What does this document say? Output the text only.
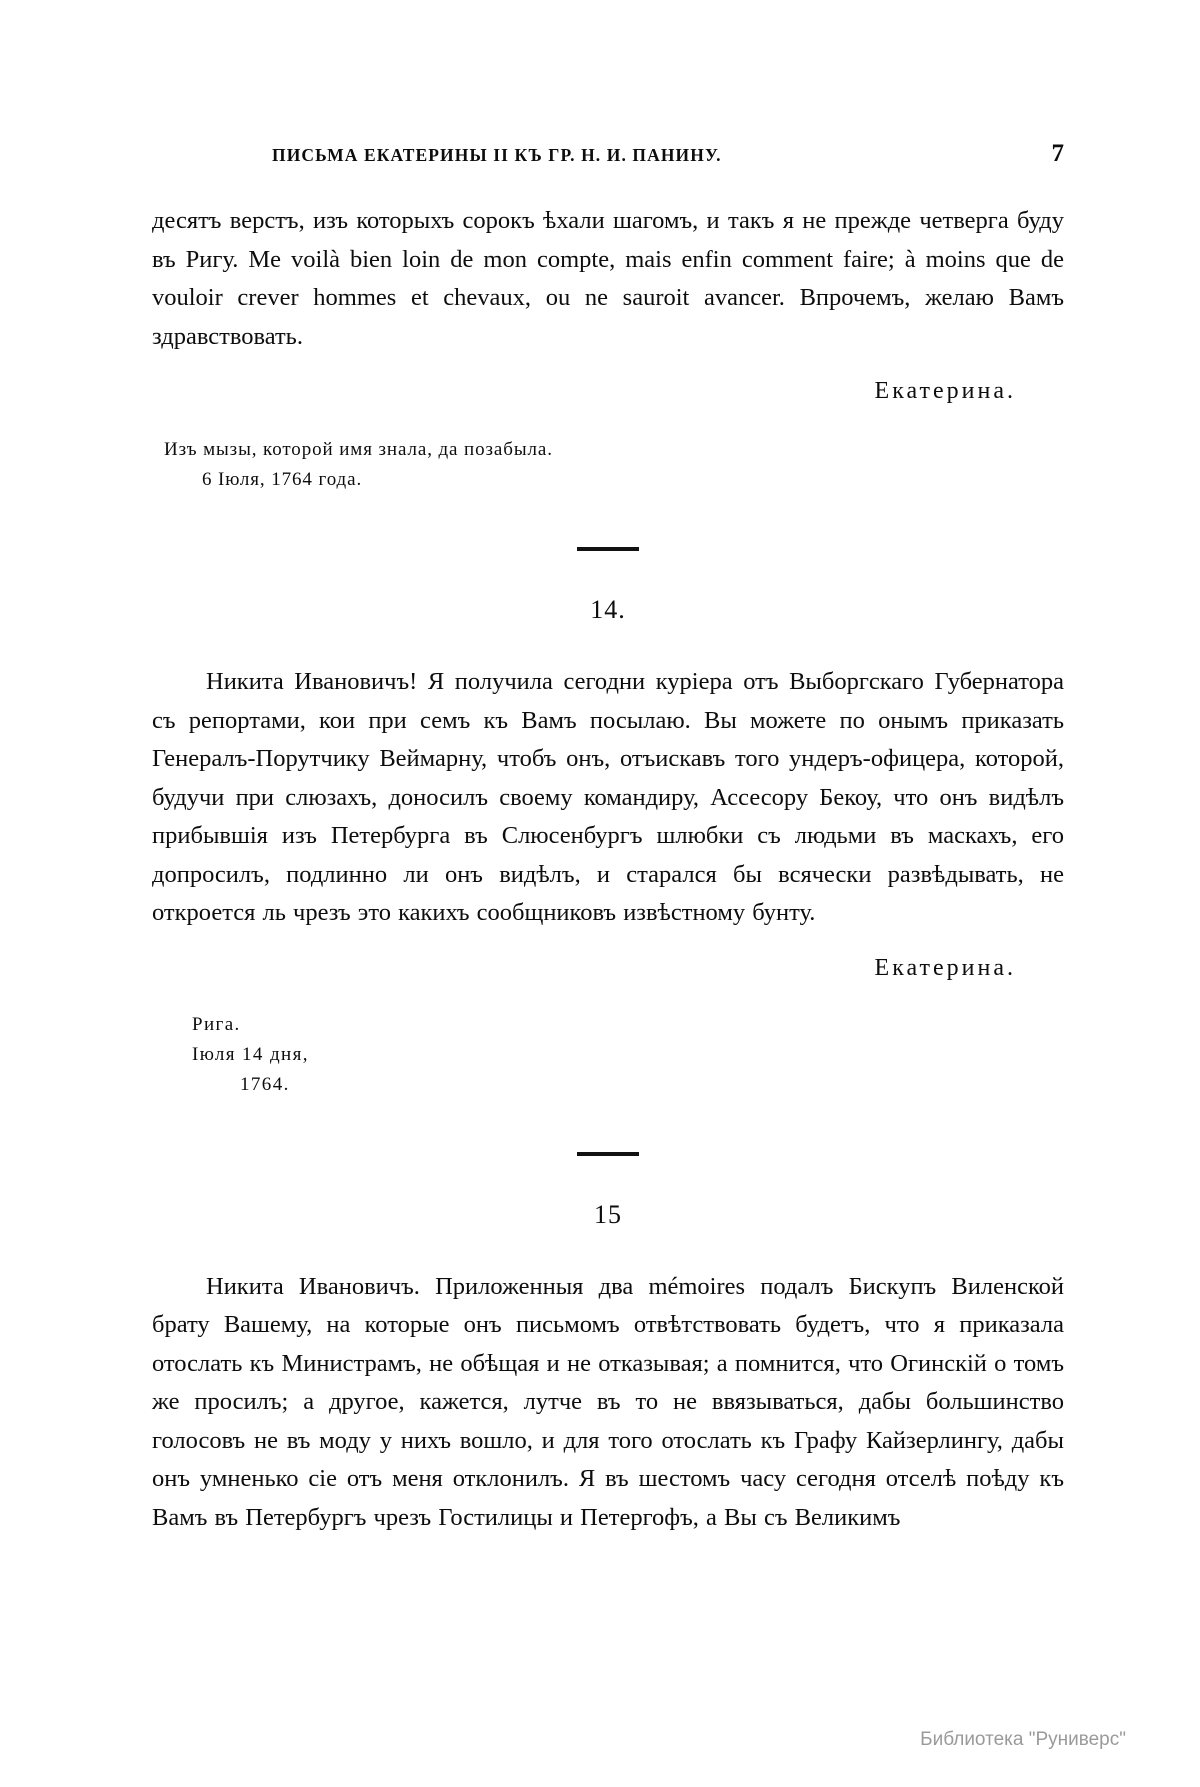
ПИСЬМА ЕКАТЕРИНЫ II КЪ ГР. Н. И. ПАНИНУ.	7

десятъ верстъ, изъ которыхъ сорокъ ѣхали шагомъ, и такъ я не прежде четверга буду въ Ригу. Me voilà bien loin de mon compte, mais enfin comment faire; à moins que de vouloir crever hommes et chevaux, ou ne sauroit avancer. Впрочемъ, желаю Вамъ здравствовать.

Екатерина.
Изъ мызы, которой имя знала, да позабыла.
6 Іюля, 1764 года.
14.

Никита Ивановичъ! Я получила сегодни курiера отъ Выборгскаго Губернатора съ репортами, кои при семъ къ Вамъ посылаю. Вы можете по онымъ приказать Генералъ-Порутчику Веймарну, чтобъ онъ, отъискавъ того ундеръ-офицера, которой, будучи при слюзахъ, доносилъ своему командиру, Ассесору Бекоу, что онъ видѣлъ прибывшія изъ Петербурга въ Слюсенбургъ шлюбки съ людьми въ маскахъ, его допросилъ, подлинно ли онъ видѣлъ, и старался бы всячески развѣдывать, не откроется ль чрезъ это какихъ сообщниковъ извѣстному бунту.

Екатерина.
Рига.
Іюля 14 дня,
1764.
15

Никита Ивановичъ. Приложенныя два mémoires подалъ Бискупъ Виленской брату Вашему, на которые онъ письмомъ отвѣтствовать будетъ, что я приказала отослать къ Министрамъ, не обѣщая и не отказывая; а помнится, что Огинскій о томъ же просилъ; а другое, кажется, лутче въ то не ввязываться, дабы большинство голосовъ не въ моду у нихъ вошло, и для того отослать къ Графу Кайзерлингу, дабы онъ умненько сіе отъ меня отклонилъ. Я въ шестомъ часу сегодня отселѣ поѣду къ Вамъ въ Петербургъ чрезъ Гостилицы и Петергофъ, а Вы съ Великимъ

Библиотека "Руниверс"
